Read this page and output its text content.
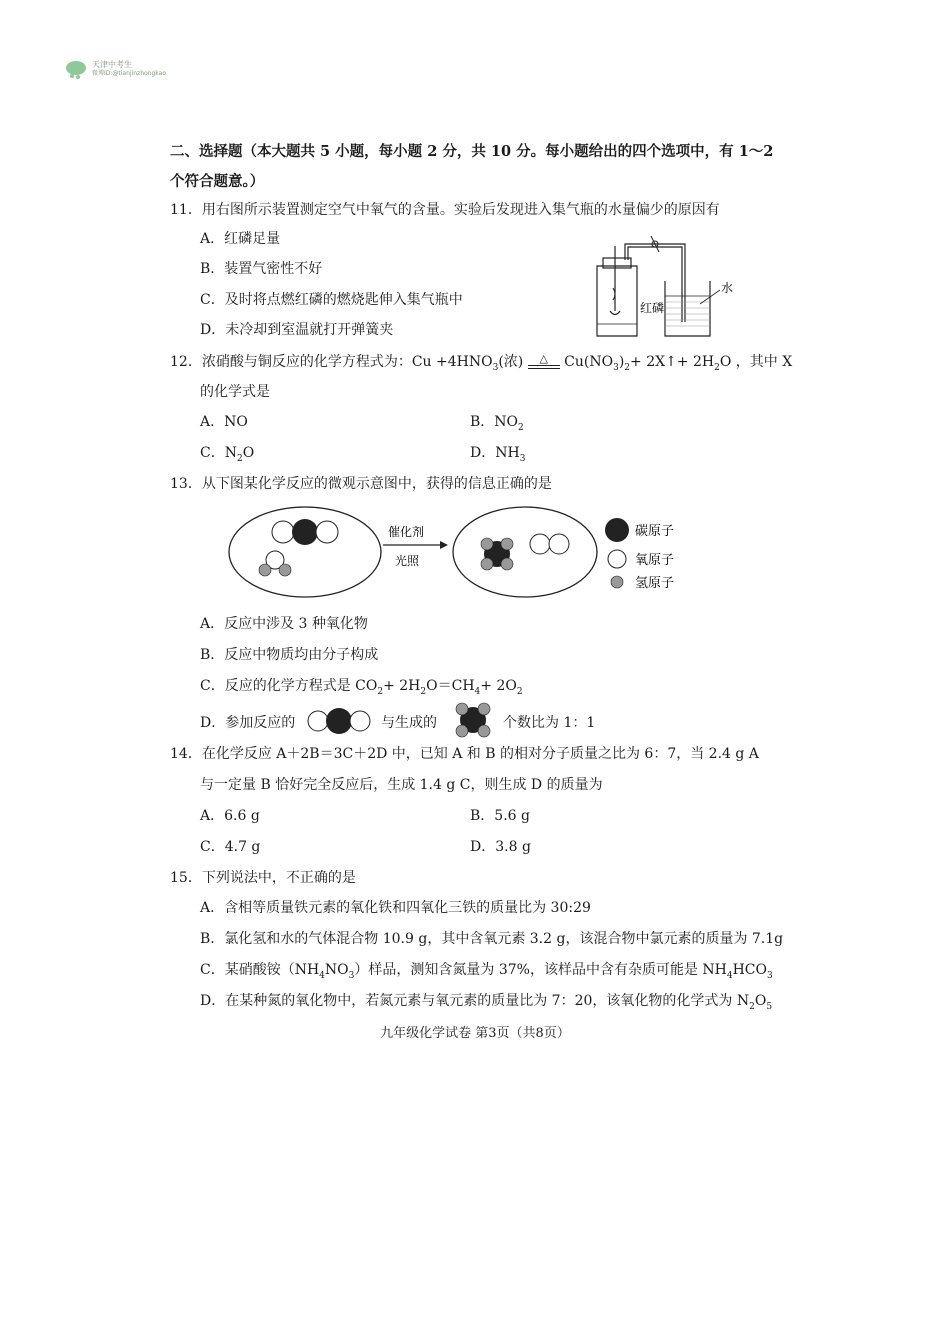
天津中考生
微博ID:@tianjinzhongkao
二、选择题（本大题共 5 小题，每小题 2 分，共 10 分。每小题给出的四个选项中，有 1～2
个符合题意。）
11．用右图所示装置测定空气中氧气的含量。实验后发现进入集气瓶的水量偏少的原因有
A．红磷足量
B．装置气密性不好
C．及时将点燃红磷的燃烧匙伸入集气瓶中
D．未冷却到室温就打开弹簧夹
水
红磷
12．浓硝酸与铜反应的化学方程式为：$Cu +4HNO_3$(浓) △ $Cu(NO_3)_2+$ 2X↑+ $2H_2O$ ，其中 X
的化学式是
A．NO	B．$NO_2$
C．$N_2O$	D．$NH_3$
13．从下图某化学反应的微观示意图中，获得的信息正确的是
催化剂
光照
碳原子
氧原子
氢原子
A．反应中涉及 3 种氧化物
B．反应中物质均由分子构成
C．反应的化学方程式是 $CO_2+ 2H_2O=CH_4+ 2O_2$
D．参加反应的	与生成的	个数比为 1：1
14．在化学反应 A＋2B＝3C＋2D 中，已知 A 和 B 的相对分子质量之比为 6：7，当 2.4 g A
与一定量 B 恰好完全反应后，生成 1.4 g C，则生成 D 的质量为
A．6.6 g	B．5.6 g
C．4.7 g	D．3.8 g
15．下列说法中，不正确的是
A．含相等质量铁元素的氧化铁和四氧化三铁的质量比为 30:29
B．氯化氢和水的气体混合物 10.9 g，其中含氧元素 3.2 g，该混合物中氯元素的质量为 7.1g
C．某硝酸铵$(NH_4NO_3)$样品，测知含氮量为 37%，该样品中含有杂质可能是 $NH_4HCO_3$
D．在某种氮的氧化物中，若氮元素与氧元素的质量比为 7：20，该氧化物的化学式为 $N_2O_5$
九年级化学试卷 第3页（共8页）
